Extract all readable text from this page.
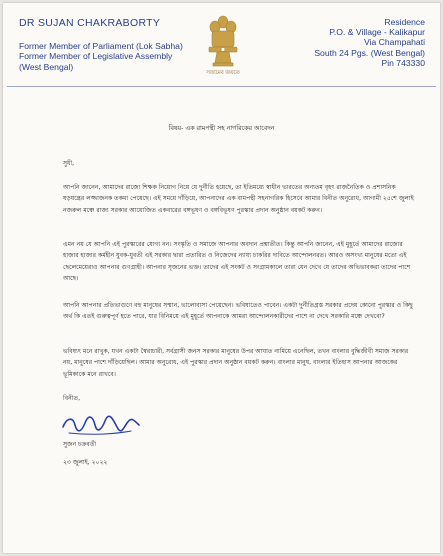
DR SUJAN CHAKRABORTY
Former Member of Parliament (Lok Sabha)
Former Member of Legislative Assembly
(West Bengal)
সত্যমেব জয়তে
Residence
P.O. & Village - Kalikapur
Via Champahati
South 24 Pgs. (West Bengal)
Pin 743330
বিষয়- এক রামপন্থী সহ নাগরিকের আবেদন
সুধী,
আপনি জানেন, আমাদের রাজ্যে শিক্ষক নিয়োগ নিয়ে যে দুর্নীতি হয়েছে, তা ইতিমধ্যে স্বাধীন ভারতের অন্যতম বৃহৎ রাজনৈতিক ও প্রশাসনিক ষড়যন্ত্রের লজ্জাজনক তকমা পেয়েছে। এই সময়ে দাঁড়িয়ে, আপনাদের এক বামপন্থী সহনাগরিক হিসেবে আমার বিনীত অনুরোধ, আগামী ২৫শে জুলাই নজরুল মঞ্চে রাজ্য সরকার আয়োজিত একবারের বঙ্গভূষণ ও বঙ্গবিভূষণ পুরস্কার প্রদান অনুষ্ঠান বয়কট করুন।
এমন নয় যে আপনি এই পুরস্কারের যোগ্য নন। সংস্কৃতি ও সমাজে আপনার অবদান প্রশ্নাতীত। কিন্তু আপনি জানেন, এই মুহূর্তে আমাদের রাজ্যের হাজার হাজার কর্মহীন যুবক-যুবতী এই সরকার দ্বারা প্রতারিত ও নিজেদের ন্যায্য চাকরির দাবিতে আন্দোলনরত। আরও অসংখ্য মানুষের মতো এই ছেলেমেয়েরাও আপনার গুণগ্রাহী। আপনার সৃজনের ভক্ত। তাদের এই সংকট ও সংগ্রামকালে তারা যেন দেখে যে তাদের অভিভাবকরা তাদের পাশে আছে।
আপনি আপনার প্রতিভাগুণে বহু মানুষের সম্মান, ভালোবাসা পেয়েছেন। ভবিষ্যতেও পাবেন। একটা দুর্নীতিগ্রস্ত সরকার প্রদেয় কোনো পুরস্কার ও কিছু অর্থ কি এতই গুরুত্বপূর্ণ হতে পারে, যার বিনিময়ে এই মুহূর্তে আপনাকে আমরা আন্দোলনকারীদের পাশে না দেখে সরকারি মঞ্চে দেখবো?
ভবিষ্যৎ মনে রাখুক, যখন একটা স্বৈরাচারী, সর্বগ্রাসী জনস সরকার মানুষের উপর আঘাত নামিয়ে এনেছিল, তখন বাংলার বুদ্ধিজীবী সমাজ সরকার নয়, মানুষের পাশে দাঁড়িয়েছিল। আমার অনুরোধ, এই পুরস্কার প্রদান অনুষ্ঠান বয়কট করুন। বাংলার মানুষ, বাংলার ইতিহাস আপনার আজকের ভূমিকাকে মনে রাখবে।
বিনীত,
সুজন চক্রবর্তী
২৩ জুলাই, ২০২২
